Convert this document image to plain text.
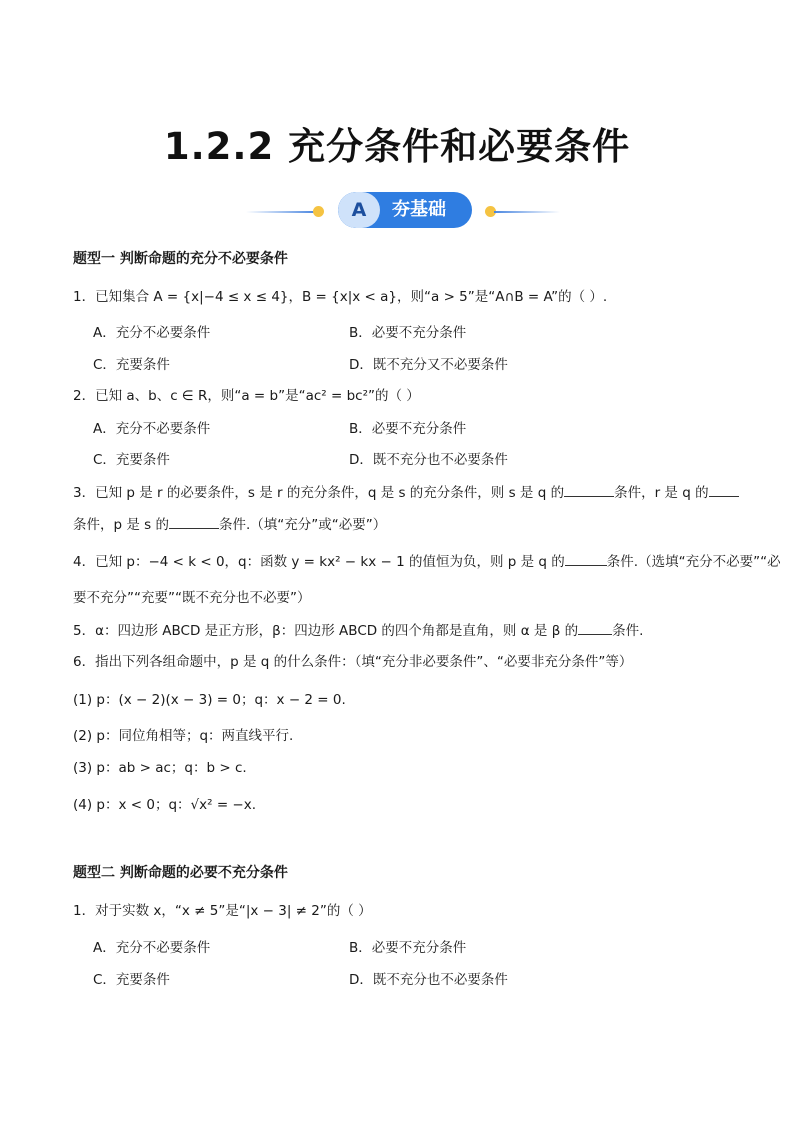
1.2.2 充分条件和必要条件
A	夯基础
题型一 判断命题的充分不必要条件
1．已知集合 A = {x|−4 ≤ x ≤ 4}，B = {x|x < a}，则“a > 5”是“A∩B = A”的（ ）.
A．充分不必要条件	B．必要不充分条件
C．充要条件	D．既不充分又不必要条件
2．已知 a、b、c ∈ R，则“a = b”是“ac² = bc²”的（ ）
A．充分不必要条件	B．必要不充分条件
C．充要条件	D．既不充分也不必要条件
3．已知 p 是 r 的必要条件，s 是 r 的充分条件，q 是 s 的充分条件，则 s 是 q 的	条件，r 是 q 的
条件，p 是 s 的	条件.（填“充分”或“必要”）
4．已知 p：−4 < k < 0，q：函数 y = kx² − kx − 1 的值恒为负，则 p 是 q 的	条件.（选填“充分不必要”“必
要不充分”“充要”“既不充分也不必要”）
5．α：四边形 ABCD 是正方形，β：四边形 ABCD 的四个角都是直角，则 α 是 β 的	条件.
6．指出下列各组命题中，p 是 q 的什么条件：（填“充分非必要条件”、“必要非充分条件”等）
(1) p：(x − 2)(x − 3) = 0；q：x − 2 = 0.
(2) p：同位角相等；q：两直线平行.
(3) p：ab > ac；q：b > c.
(4) p：x < 0；q：√x² = −x.
题型二 判断命题的必要不充分条件
1．对于实数 x，“x ≠ 5”是“|x − 3| ≠ 2”的（ ）
A．充分不必要条件	B．必要不充分条件
C．充要条件	D．既不充分也不必要条件
